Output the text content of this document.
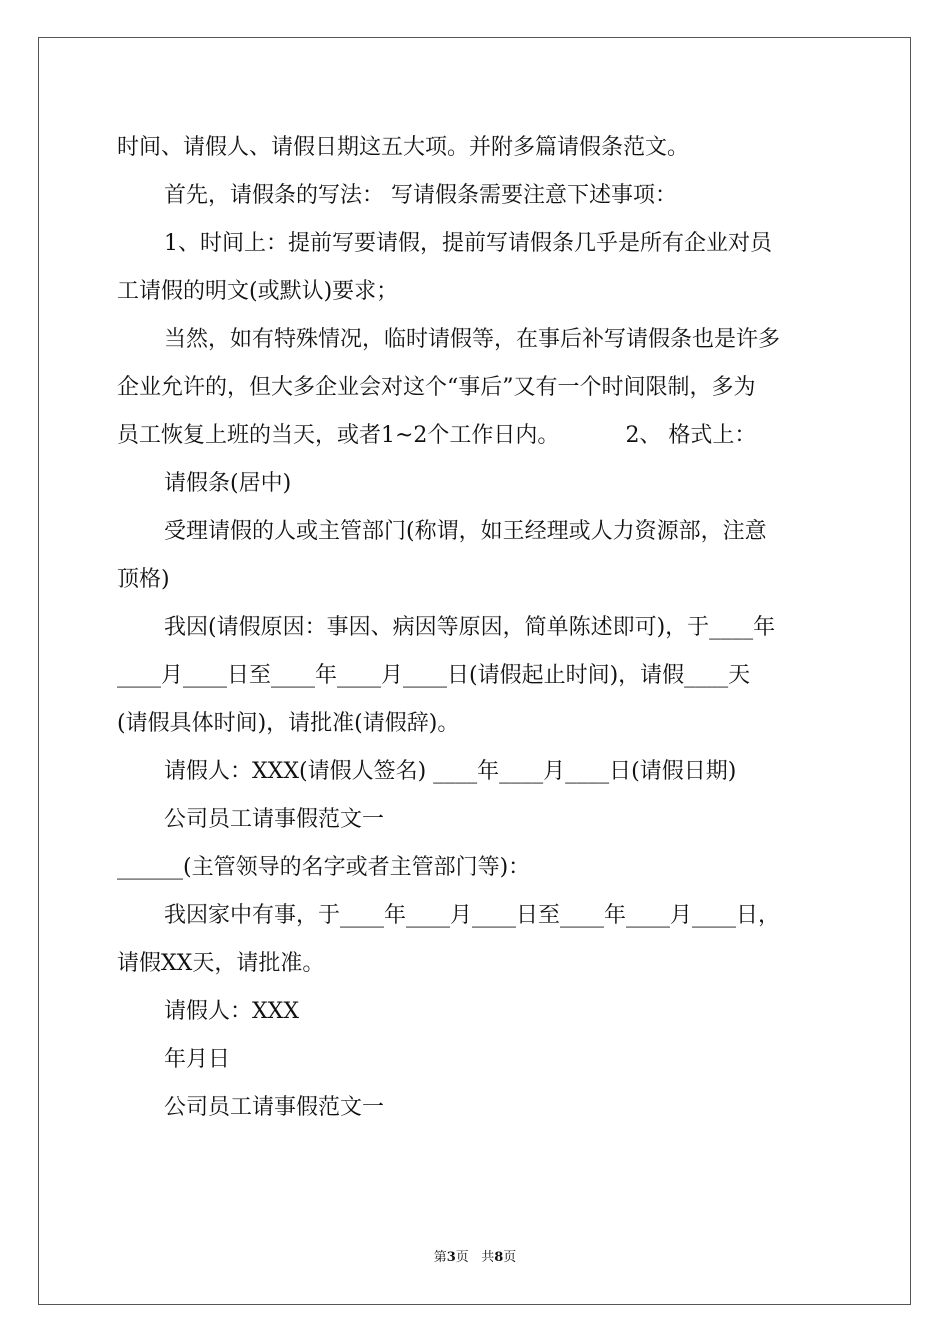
时间、请假人、请假日期这五大项。并附多篇请假条范文。
首先，请假条的写法： 写请假条需要注意下述事项：
1、时间上：提前写要请假，提前写请假条几乎是所有企业对员
工请假的明文(或默认)要求；
当然，如有特殊情况，临时请假等，在事后补写请假条也是许多
企业允许的，但大多企业会对这个“事后”又有一个时间限制，多为
员工恢复上班的当天，或者1~2个工作日内。	2、 格式上：
请假条(居中)
受理请假的人或主管部门(称谓，如王经理或人力资源部，注意
顶格)
我因(请假原因：事因、病因等原因，简单陈述即可)，于____年
____月____日至____年____月____日(请假起止时间)，请假____天
(请假具体时间)，请批准(请假辞)。
请假人：XXX(请假人签名) ____年____月____日(请假日期)
公司员工请事假范文一
______(主管领导的名字或者主管部门等)：
我因家中有事，于____年____月____日至____年____月____日，
请假XX天，请批准。
请假人：XXX
年月日
公司员工请事假范文一
第3页 共8页
